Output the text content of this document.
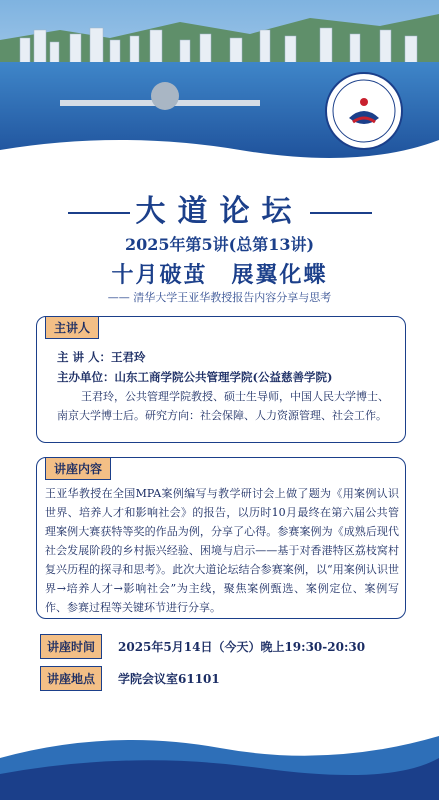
大道论坛
2025年第5讲(总第13讲)
十月破茧　展翼化蝶
—— 清华大学王亚华教授报告内容分享与思考
主讲人
主 讲 人：王君玲
主办单位：山东工商学院公共管理学院(公益慈善学院)
王君玲，公共管理学院教授、硕士生导师，中国人民大学博士、南京大学博士后。研究方向：社会保障、人力资源管理、社会工作。
讲座内容
王亚华教授在全国MPA案例编写与教学研讨会上做了题为《用案例认识世界、培养人才和影响社会》的报告，以历时10月最终在第六届公共管理案例大赛获特等奖的作品为例，分享了心得。参赛案例为《成熟后现代社会发展阶段的乡村振兴经验、困境与启示——基于对香港特区荔枝窝村复兴历程的探寻和思考》。此次大道论坛结合参赛案例，以“用案例认识世界→培养人才→影响社会”为主线，聚焦案例甄选、案例定位、案例写作、参赛过程等关键环节进行分享。
讲座时间	2025年5月14日（今天）晚上19:30-20:30
讲座地点	学院会议室61101
